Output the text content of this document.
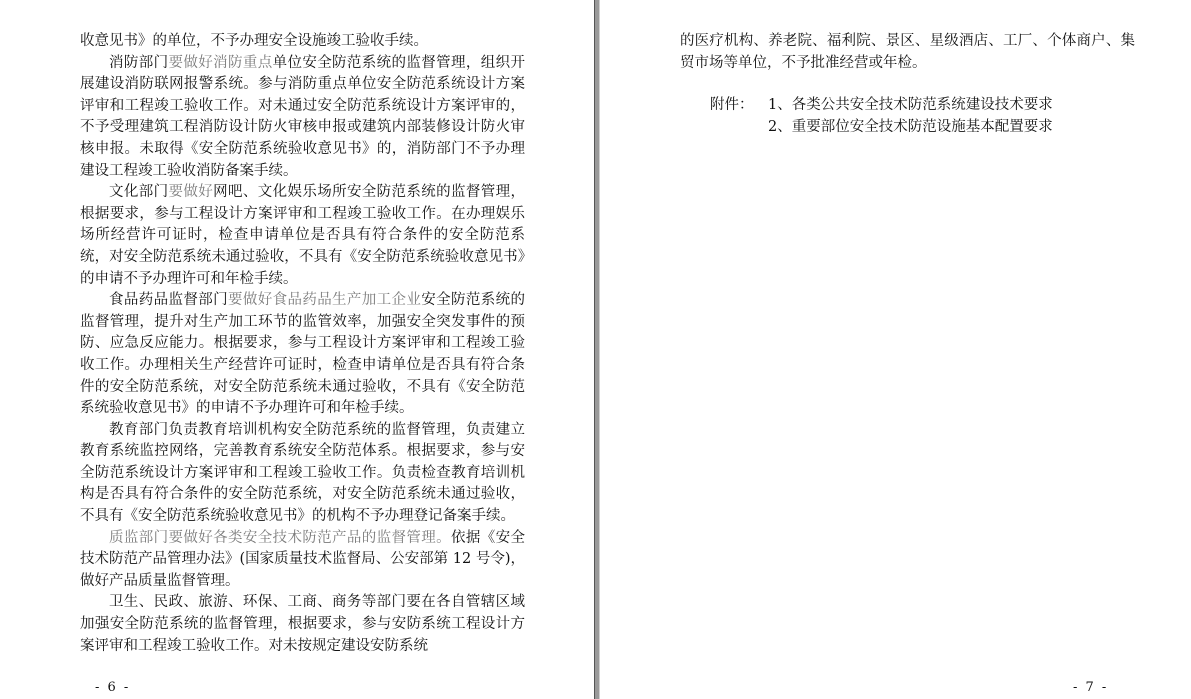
收意见书》的单位，不予办理安全设施竣工验收手续。

消防部门要做好消防重点单位安全防范系统的监督管理，组织开展建设消防联网报警系统。参与消防重点单位安全防范系统设计方案评审和工程竣工验收工作。对未通过安全防范系统设计方案评审的，不予受理建筑工程消防设计防火审核申报或建筑内部装修设计防火审核申报。未取得《安全防范系统验收意见书》的，消防部门不予办理建设工程竣工验收消防备案手续。

文化部门要做好网吧、文化娱乐场所安全防范系统的监督管理，根据要求，参与工程设计方案评审和工程竣工验收工作。在办理娱乐场所经营许可证时，检查申请单位是否具有符合条件的安全防范系统，对安全防范系统未通过验收，不具有《安全防范系统验收意见书》的申请不予办理许可和年检手续。

食品药品监督部门要做好食品药品生产加工企业安全防范系统的监督管理，提升对生产加工环节的监管效率，加强安全突发事件的预防、应急反应能力。根据要求，参与工程设计方案评审和工程竣工验收工作。办理相关生产经营许可证时，检查申请单位是否具有符合条件的安全防范系统，对安全防范系统未通过验收，不具有《安全防范系统验收意见书》的申请不予办理许可和年检手续。

教育部门负责教育培训机构安全防范系统的监督管理，负责建立教育系统监控网络，完善教育系统安全防范体系。根据要求，参与安全防范系统设计方案评审和工程竣工验收工作。负责检查教育培训机构是否具有符合条件的安全防范系统，对安全防范系统未通过验收，不具有《安全防范系统验收意见书》的机构不予办理登记备案手续。

质监部门要做好各类安全技术防范产品的监督管理。依据《安全技术防范产品管理办法》(国家质量技术监督局、公安部第 12 号令)，做好产品质量监督管理。

卫生、民政、旅游、环保、工商、商务等部门要在各自管辖区域加强安全防范系统的监督管理，根据要求，参与安防系统工程设计方案评审和工程竣工验收工作。对未按规定建设安防系统

- 6 -

的医疗机构、养老院、福利院、景区、星级酒店、工厂、个体商户、集贸市场等单位，不予批准经营或年检。

附件：	1、各类公共安全技术防范系统建设技术要求
2、重要部位安全技术防范设施基本配置要求
- 7 -
